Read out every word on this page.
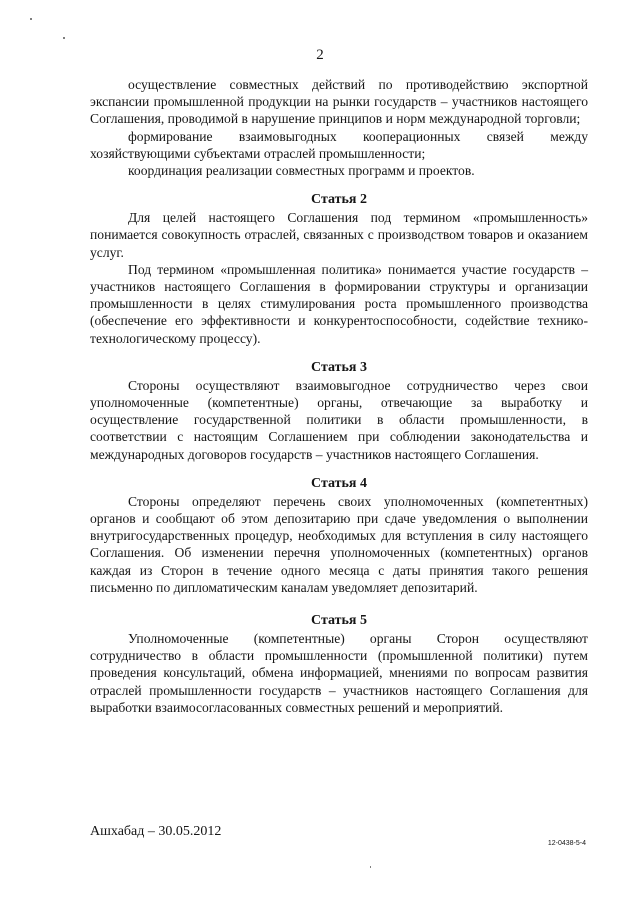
2

осуществление совместных действий по противодействию экспортной экспансии промышленной продукции на рынки государств – участников настоящего Соглашения, проводимой в нарушение принципов и норм международной торговли;

формирование взаимовыгодных кооперационных связей между хозяйствующими субъектами отраслей промышленности;

координация реализации совместных программ и проектов.

Статья 2

Для целей настоящего Соглашения под термином «промышленность» понимается совокупность отраслей, связанных с производством товаров и оказанием услуг.

Под термином «промышленная политика» понимается участие государств – участников настоящего Соглашения в формировании структуры и организации промышленности в целях стимулирования роста промышленного производства (обеспечение его эффективности и конкурентоспособности, содействие технико-технологическому процессу).

Статья 3

Стороны осуществляют взаимовыгодное сотрудничество через свои уполномоченные (компетентные) органы, отвечающие за выработку и осуществление государственной политики в области промышленности, в соответствии с настоящим Соглашением при соблюдении законодательства и международных договоров государств – участников настоящего Соглашения.

Статья 4

Стороны определяют перечень своих уполномоченных (компетентных) органов и сообщают об этом депозитарию при сдаче уведомления о выполнении внутригосударственных процедур, необходимых для вступления в силу настоящего Соглашения. Об изменении перечня уполномоченных (компетентных) органов каждая из Сторон в течение одного месяца с даты принятия такого решения письменно по дипломатическим каналам уведомляет депозитарий.

Статья 5

Уполномоченные (компетентные) органы Сторон осуществляют сотрудничество в области промышленности (промышленной политики) путем проведения консультаций, обмена информацией, мнениями по вопросам развития отраслей промышленности государств – участников настоящего Соглашения для выработки взаимосогласованных совместных решений и мероприятий.

Ашхабад – 30.05.2012
12-0438-5-4
